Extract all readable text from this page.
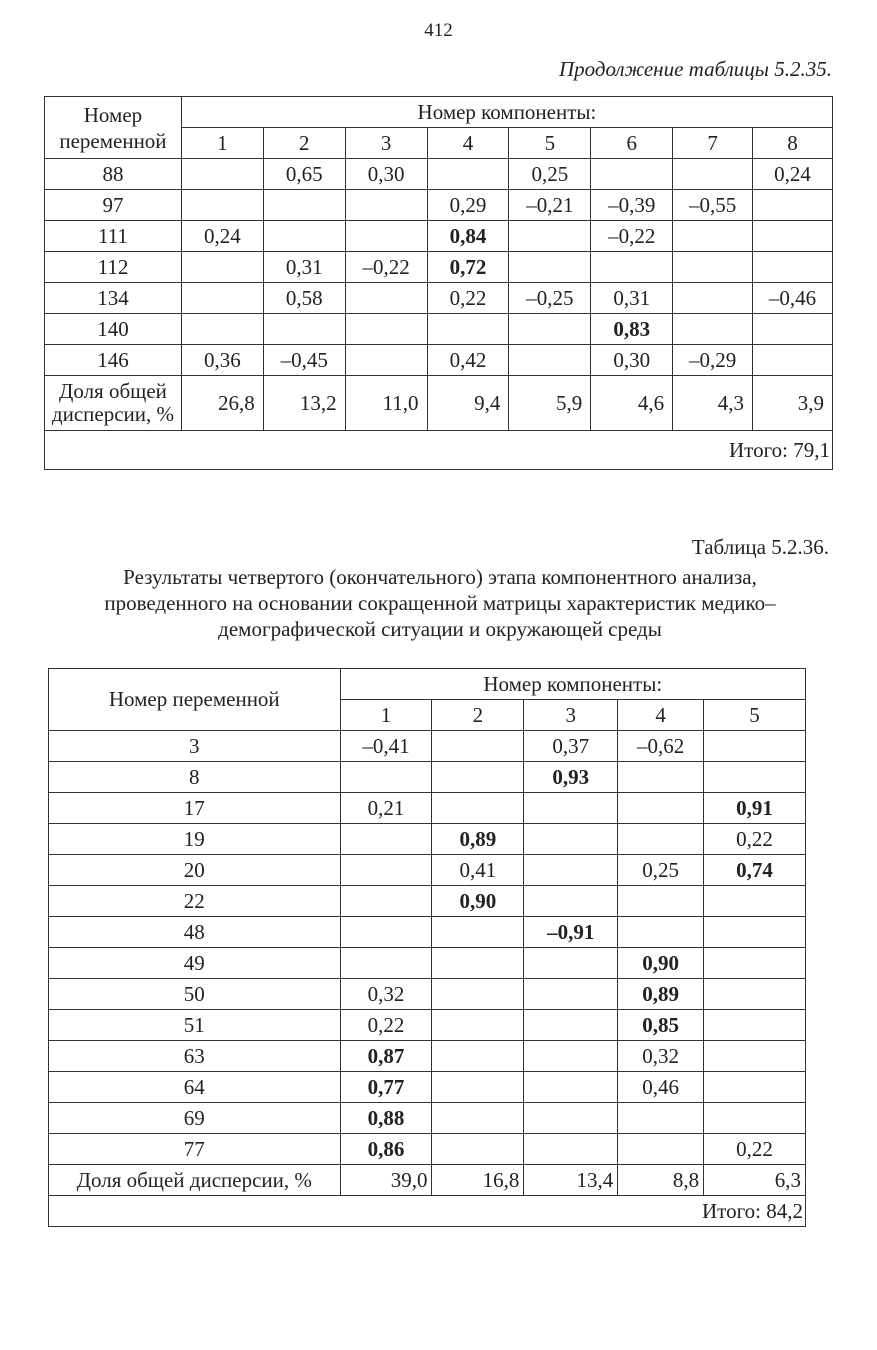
412
Продолжение таблицы 5.2.35.
Номер переменной	Номер компоненты:							
	1	2	3	4	5	6	7	8
88		0,65	0,30		0,25			0,24
97				0,29	–0,21	–0,39	–0,55	
111	0,24			0,84		–0,22		
112		0,31	–0,22	0,72				
134		0,58		0,22	–0,25	0,31		–0,46
140						0,83		
146	0,36	–0,45		0,42		0,30	–0,29	
Доля общей дисперсии, %	26,8	13,2	11,0	9,4	5,9	4,6	4,3	3,9
Итого: 79,1								
Таблица 5.2.36.
Результаты четвертого (окончательного) этапа компонентного анализа, проведенного на основании сокращенной матрицы характеристик медико–демографической ситуации и окружающей среды
Номер переменной	Номер компоненты:				
	1	2	3	4	5
3	–0,41		0,37	–0,62	
8			0,93		
17	0,21				0,91
19		0,89			0,22
20		0,41		0,25	0,74
22		0,90			
48			–0,91		
49				0,90	
50	0,32			0,89	
51	0,22			0,85	
63	0,87			0,32	
64	0,77			0,46	
69	0,88				
77	0,86				0,22
Доля общей дисперсии, %	39,0	16,8	13,4	8,8	6,3
Итого: 84,2					
